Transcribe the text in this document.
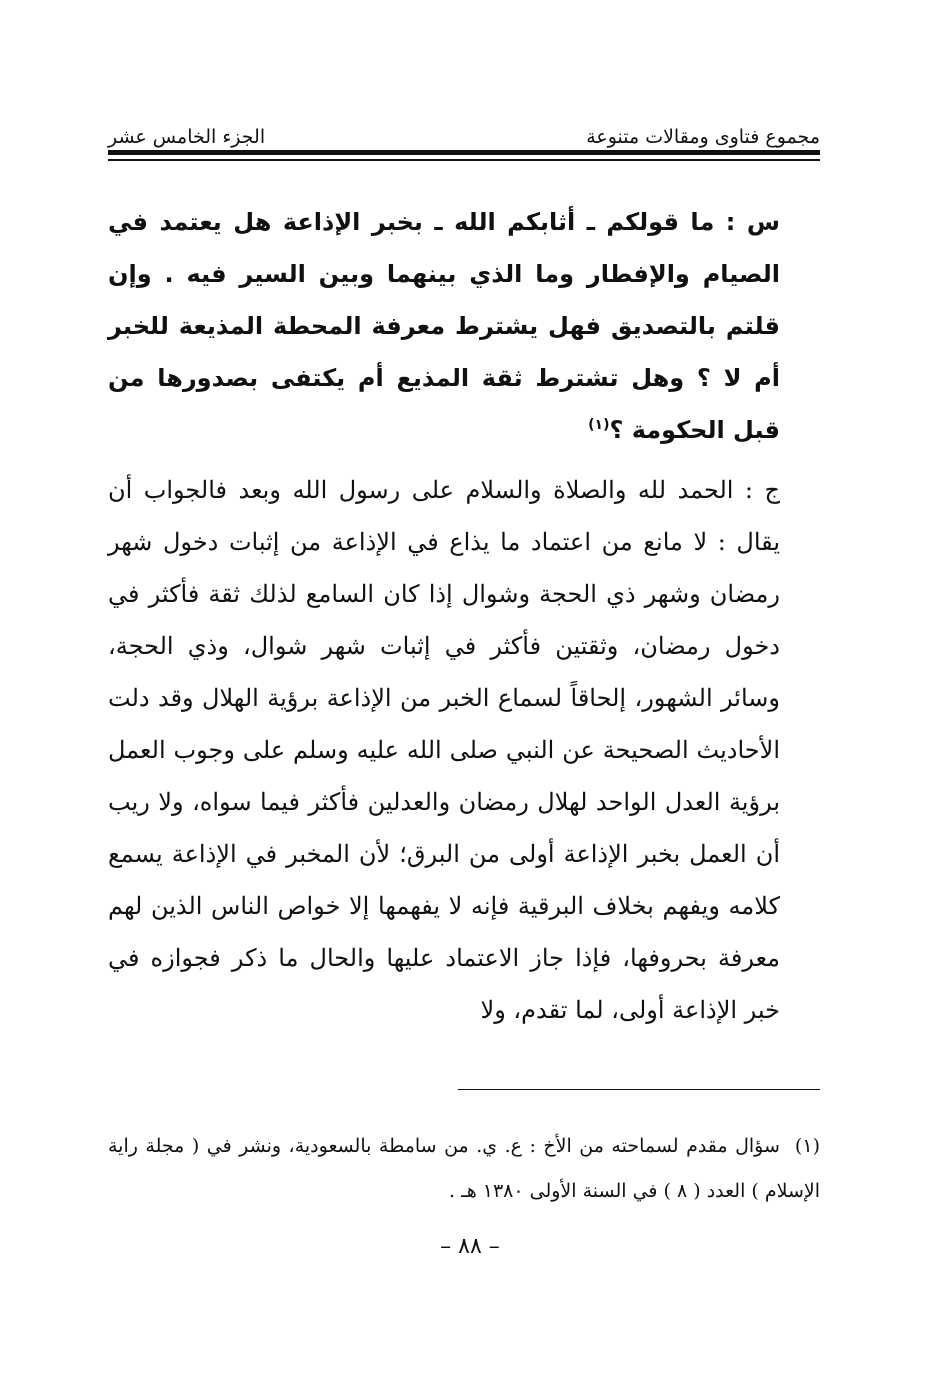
مجموع فتاوى ومقالات متنوعة
الجزء الخامس عشر

س : ما قولكم ـ أثابكم الله ـ بخبر الإذاعة هل يعتمد في الصيام والإفطار وما الذي بينهما وبين السير فيه . وإن قلتم بالتصديق فهل يشترط معرفة المحطة المذيعة للخبر أم لا ؟ وهل تشترط ثقة المذيع أم يكتفى بصدورها من قبل الحكومة ؟$^{(١)}$

ج : الحمد لله والصلاة والسلام على رسول الله وبعد فالجواب أن يقال : لا مانع من اعتماد ما يذاع في الإذاعة من إثبات دخول شهر رمضان وشهر ذي الحجة وشوال إذا كان السامع لذلك ثقة فأكثر في دخول رمضان، وثقتين فأكثر في إثبات شهر شوال، وذي الحجة، وسائر الشهور، إلحاقاً لسماع الخبر من الإذاعة برؤية الهلال وقد دلت الأحاديث الصحيحة عن النبي صلى الله عليه وسلم على وجوب العمل برؤية العدل الواحد لهلال رمضان والعدلين فأكثر فيما سواه، ولا ريب أن العمل بخبر الإذاعة أولى من البرق؛ لأن المخبر في الإذاعة يسمع كلامه ويفهم بخلاف البرقية فإنه لا يفهمها إلا خواص الناس الذين لهم معرفة بحروفها، فإذا جاز الاعتماد عليها والحال ما ذكر فجوازه في خبر الإذاعة أولى، لما تقدم، ولا

(١)  سؤال مقدم لسماحته من الأخ : ع. ي. من سامطة بالسعودية، ونشر في ( مجلة راية الإسلام ) العدد ( ٨ ) في السنة الأولى ١٣٨٠ هـ .

– ٨٨ –
